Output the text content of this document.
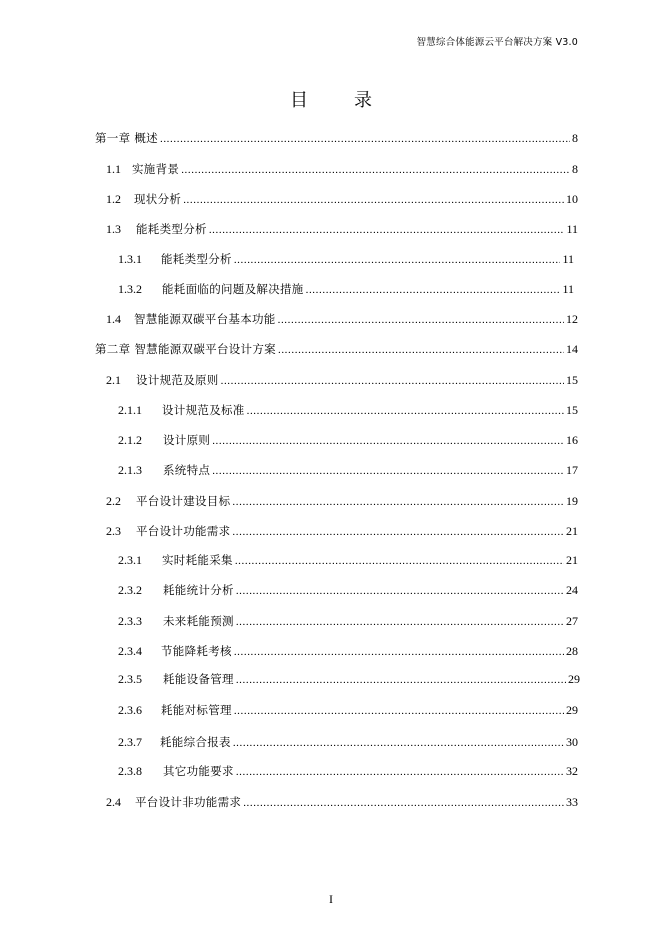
智慧综合体能源云平台解决方案 V3.0
目　录
第一章 概述 .....	8
1.1 实施背景 .....	8
1.2	现状分析 .....	10
1.3	能耗类型分析 .....	11
1.3.1	能耗类型分析 .....	11
1.3.2	能耗面临的问题及解决措施 .....	11
1.4	智慧能源双碳平台基本功能 .....	12
第二章 智慧能源双碳平台设计方案 .....	14
2.1	设计规范及原则 .....	15
2.1.1	设计规范及标准 .....	15
2.1.2	设计原则 .....	16
2.1.3	系统特点 .....	17
2.2	平台设计建设目标 .....	19
2.3	平台设计功能需求 .....	21
2.3.1	实时耗能采集 .....	21
2.3.2	耗能统计分析 .....	24
2.3.3	未来耗能预测 .....	27
2.3.4	节能降耗考核 .....	28
2.3.5	耗能设备管理 .....	29
2.3.6	耗能对标管理 .....	29
2.3.7	耗能综合报表 .....	30
2.3.8	其它功能要求 .....	32
2.4	平台设计非功能需求 .....	33
I
